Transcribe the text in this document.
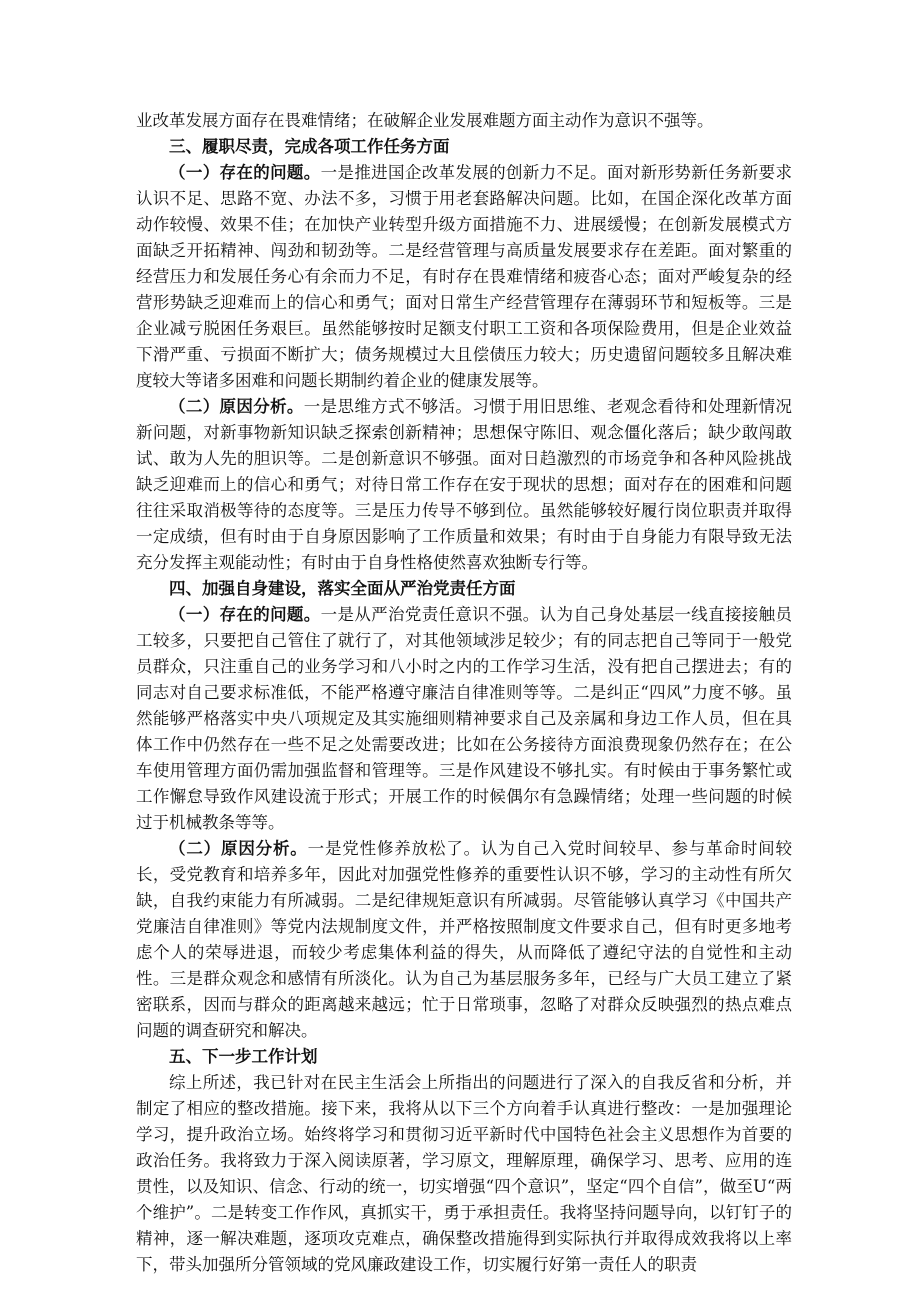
业改革发展方面存在畏难情绪；在破解企业发展难题方面主动作为意识不强等。

三、履职尽责，完成各项工作任务方面

（一）存在的问题。一是推进国企改革发展的创新力不足。面对新形势新任务新要求认识不足、思路不宽、办法不多，习惯于用老套路解决问题。比如，在国企深化改革方面动作较慢、效果不佳；在加快产业转型升级方面措施不力、进展缓慢；在创新发展模式方面缺乏开拓精神、闯劲和韧劲等。二是经营管理与高质量发展要求存在差距。面对繁重的经营压力和发展任务心有余而力不足，有时存在畏难情绪和疲沓心态；面对严峻复杂的经营形势缺乏迎难而上的信心和勇气；面对日常生产经营管理存在薄弱环节和短板等。三是企业减亏脱困任务艰巨。虽然能够按时足额支付职工工资和各项保险费用，但是企业效益下滑严重、亏损面不断扩大；债务规模过大且偿债压力较大；历史遗留问题较多且解决难度较大等诸多困难和问题长期制约着企业的健康发展等。

（二）原因分析。一是思维方式不够活。习惯于用旧思维、老观念看待和处理新情况新问题，对新事物新知识缺乏探索创新精神；思想保守陈旧、观念僵化落后；缺少敢闯敢试、敢为人先的胆识等。二是创新意识不够强。面对日趋激烈的市场竞争和各种风险挑战缺乏迎难而上的信心和勇气；对待日常工作存在安于现状的思想；面对存在的困难和问题往往采取消极等待的态度等。三是压力传导不够到位。虽然能够较好履行岗位职责并取得一定成绩，但有时由于自身原因影响了工作质量和效果；有时由于自身能力有限导致无法充分发挥主观能动性；有时由于自身性格使然喜欢独断专行等。

四、加强自身建设，落实全面从严治党责任方面

（一）存在的问题。一是从严治党责任意识不强。认为自己身处基层一线直接接触员工较多，只要把自己管住了就行了，对其他领域涉足较少；有的同志把自己等同于一般党员群众，只注重自己的业务学习和八小时之内的工作学习生活，没有把自己摆进去；有的同志对自己要求标准低，不能严格遵守廉洁自律准则等等。二是纠正“四风”力度不够。虽然能够严格落实中央八项规定及其实施细则精神要求自己及亲属和身边工作人员，但在具体工作中仍然存在一些不足之处需要改进；比如在公务接待方面浪费现象仍然存在；在公车使用管理方面仍需加强监督和管理等。三是作风建设不够扎实。有时候由于事务繁忙或工作懈怠导致作风建设流于形式；开展工作的时候偶尔有急躁情绪；处理一些问题的时候过于机械教条等等。

（二）原因分析。一是党性修养放松了。认为自己入党时间较早、参与革命时间较长，受党教育和培养多年，因此对加强党性修养的重要性认识不够，学习的主动性有所欠缺，自我约束能力有所减弱。二是纪律规矩意识有所减弱。尽管能够认真学习《中国共产党廉洁自律准则》等党内法规制度文件，并严格按照制度文件要求自己，但有时更多地考虑个人的荣辱进退，而较少考虑集体利益的得失，从而降低了遵纪守法的自觉性和主动性。三是群众观念和感情有所淡化。认为自己为基层服务多年，已经与广大员工建立了紧密联系，因而与群众的距离越来越远；忙于日常琐事，忽略了对群众反映强烈的热点难点问题的调查研究和解决。

五、下一步工作计划

综上所述，我已针对在民主生活会上所指出的问题进行了深入的自我反省和分析，并制定了相应的整改措施。接下来，我将从以下三个方向着手认真进行整改：一是加强理论学习，提升政治立场。始终将学习和贯彻习近平新时代中国特色社会主义思想作为首要的政治任务。我将致力于深入阅读原著，学习原文，理解原理，确保学习、思考、应用的连贯性，以及知识、信念、行动的统一，切实增强“四个意识”，坚定“四个自信”，做至U“两个维护”。二是转变工作作风，真抓实干，勇于承担责任。我将坚持问题导向，以钉钉子的精神，逐一解决难题，逐项攻克难点，确保整改措施得到实际执行并取得成效我将以上率下，带头加强所分管领域的党风廉政建设工作，切实履行好第一责任人的职责
